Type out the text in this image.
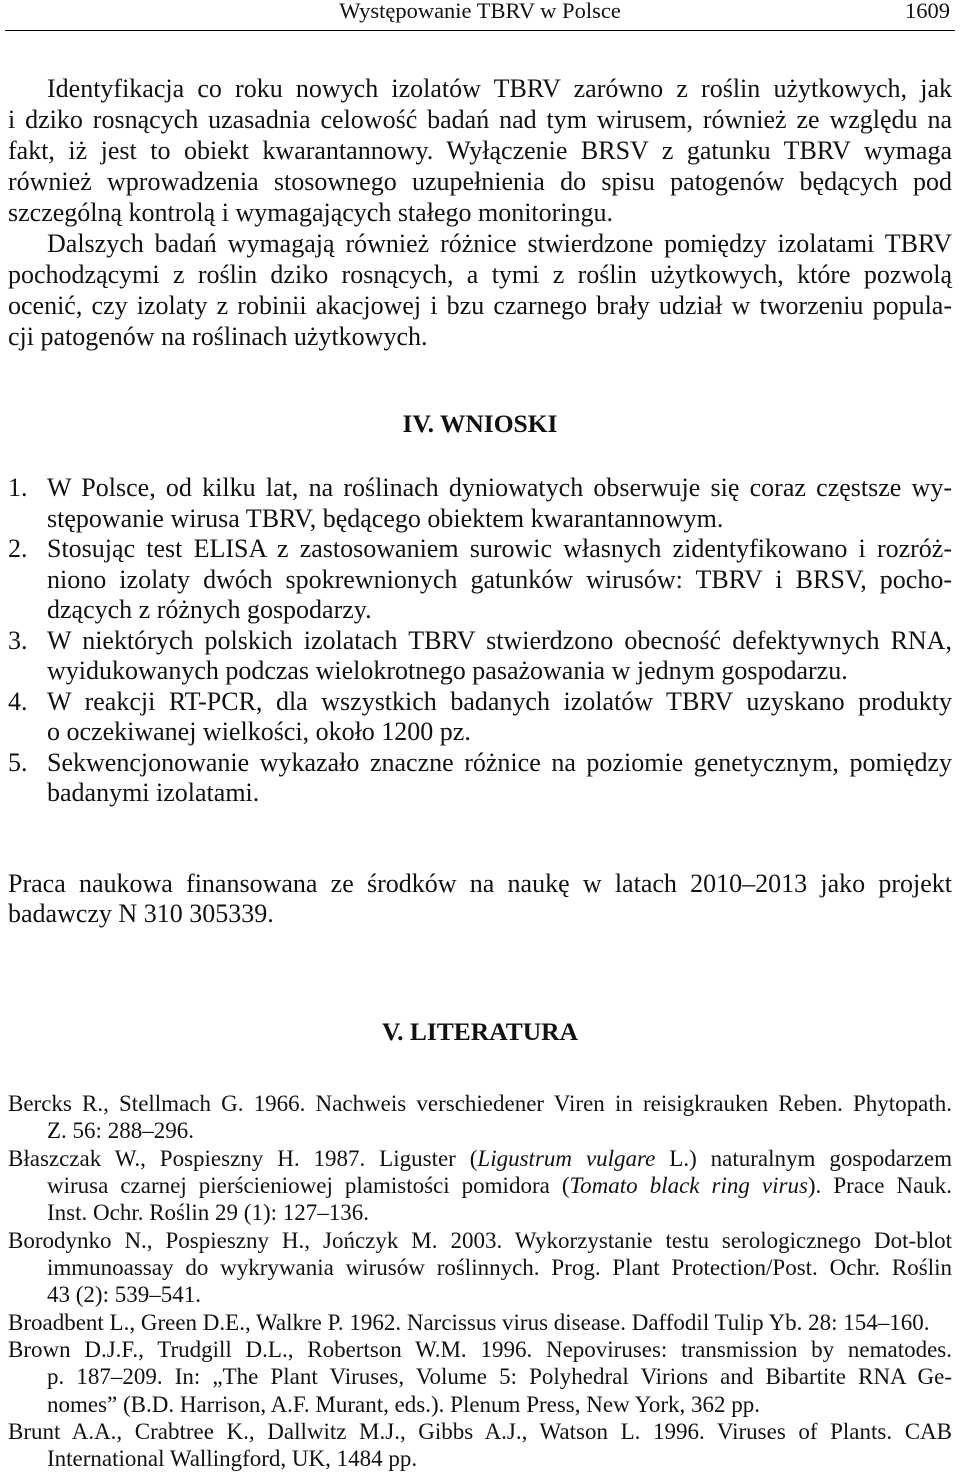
Występowanie TBRV w Polsce	1609
Identyfikacja co roku nowych izolatów TBRV zarówno z roślin użytkowych, jak
i dziko rosnących uzasadnia celowość badań nad tym wirusem, również ze względu na
fakt, iż jest to obiekt kwarantannowy. Wyłączenie BRSV z gatunku TBRV wymaga
również wprowadzenia stosownego uzupełnienia do spisu patogenów będących pod
szczególną kontrolą i wymagających stałego monitoringu.
Dalszych badań wymagają również różnice stwierdzone pomiędzy izolatami TBRV
pochodzącymi z roślin dziko rosnących, a tymi z roślin użytkowych, które pozwolą
ocenić, czy izolaty z robinii akacjowej i bzu czarnego brały udział w tworzeniu popula-
cji patogenów na roślinach użytkowych.
IV. WNIOSKI
1. W Polsce, od kilku lat, na roślinach dyniowatych obserwuje się coraz częstsze wy-
stępowanie wirusa TBRV, będącego obiektem kwarantannowym.
2. Stosując test ELISA z zastosowaniem surowic własnych zidentyfikowano i rozróż-
niono izolaty dwóch spokrewnionych gatunków wirusów: TBRV i BRSV, pocho-
dzących z różnych gospodarzy.
3. W niektórych polskich izolatach TBRV stwierdzono obecność defektywnych RNA,
wyidukowanych podczas wielokrotnego pasażowania w jednym gospodarzu.
4. W reakcji RT-PCR, dla wszystkich badanych izolatów TBRV uzyskano produkty
o oczekiwanej wielkości, około 1200 pz.
5. Sekwencjonowanie wykazało znaczne różnice na poziomie genetycznym, pomiędzy
badanymi izolatami.
Praca naukowa finansowana ze środków na naukę w latach 2010–2013 jako projekt
badawczy N 310 305339.
V. LITERATURA
Bercks R., Stellmach G. 1966. Nachweis verschiedener Viren in reisigkrauken Reben. Phytopath.
Z. 56: 288–296.
Błaszczak W., Pospieszny H. 1987. Liguster (Ligustrum vulgare L.) naturalnym gospodarzem
wirusa czarnej pierścieniowej plamistości pomidora (Tomato black ring virus). Prace Nauk.
Inst. Ochr. Roślin 29 (1): 127–136.
Borodynko N., Pospieszny H., Jończyk M. 2003. Wykorzystanie testu serologicznego Dot-blot
immunoassay do wykrywania wirusów roślinnych. Prog. Plant Protection/Post. Ochr. Roślin
43 (2): 539–541.
Broadbent L., Green D.E., Walkre P. 1962. Narcissus virus disease. Daffodil Tulip Yb. 28: 154–160.
Brown D.J.F., Trudgill D.L., Robertson W.M. 1996. Nepoviruses: transmission by nematodes.
p. 187–209. In: „The Plant Viruses, Volume 5: Polyhedral Virions and Bibartite RNA Ge-
nomes” (B.D. Harrison, A.F. Murant, eds.). Plenum Press, New York, 362 pp.
Brunt A.A., Crabtree K., Dallwitz M.J., Gibbs A.J., Watson L. 1996. Viruses of Plants. CAB
International Wallingford, UK, 1484 pp.
